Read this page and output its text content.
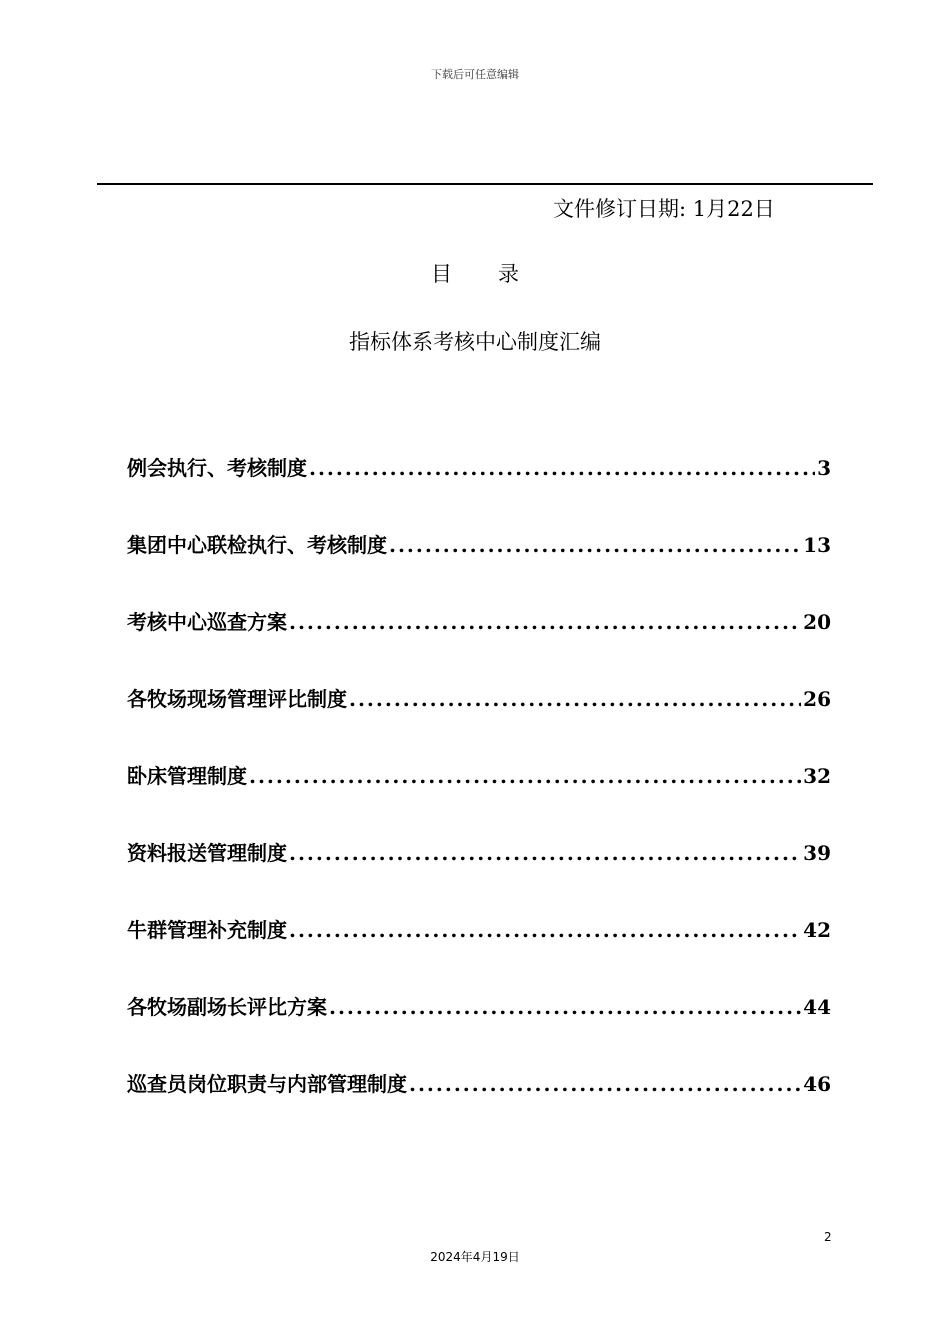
下载后可任意编辑
文件修订日期: 1月22日
目 录
指标体系考核中心制度汇编
例会执行、考核制度 .....	3
集团中心联检执行、考核制度 .....	13
考核中心巡查方案 .....	20
各牧场现场管理评比制度 .....	26
卧床管理制度 .....	32
资料报送管理制度 .....	39
牛群管理补充制度 .....	42
各牧场副场长评比方案 .....	44
巡查员岗位职责与内部管理制度 .....	46
2
2024年4月19日
